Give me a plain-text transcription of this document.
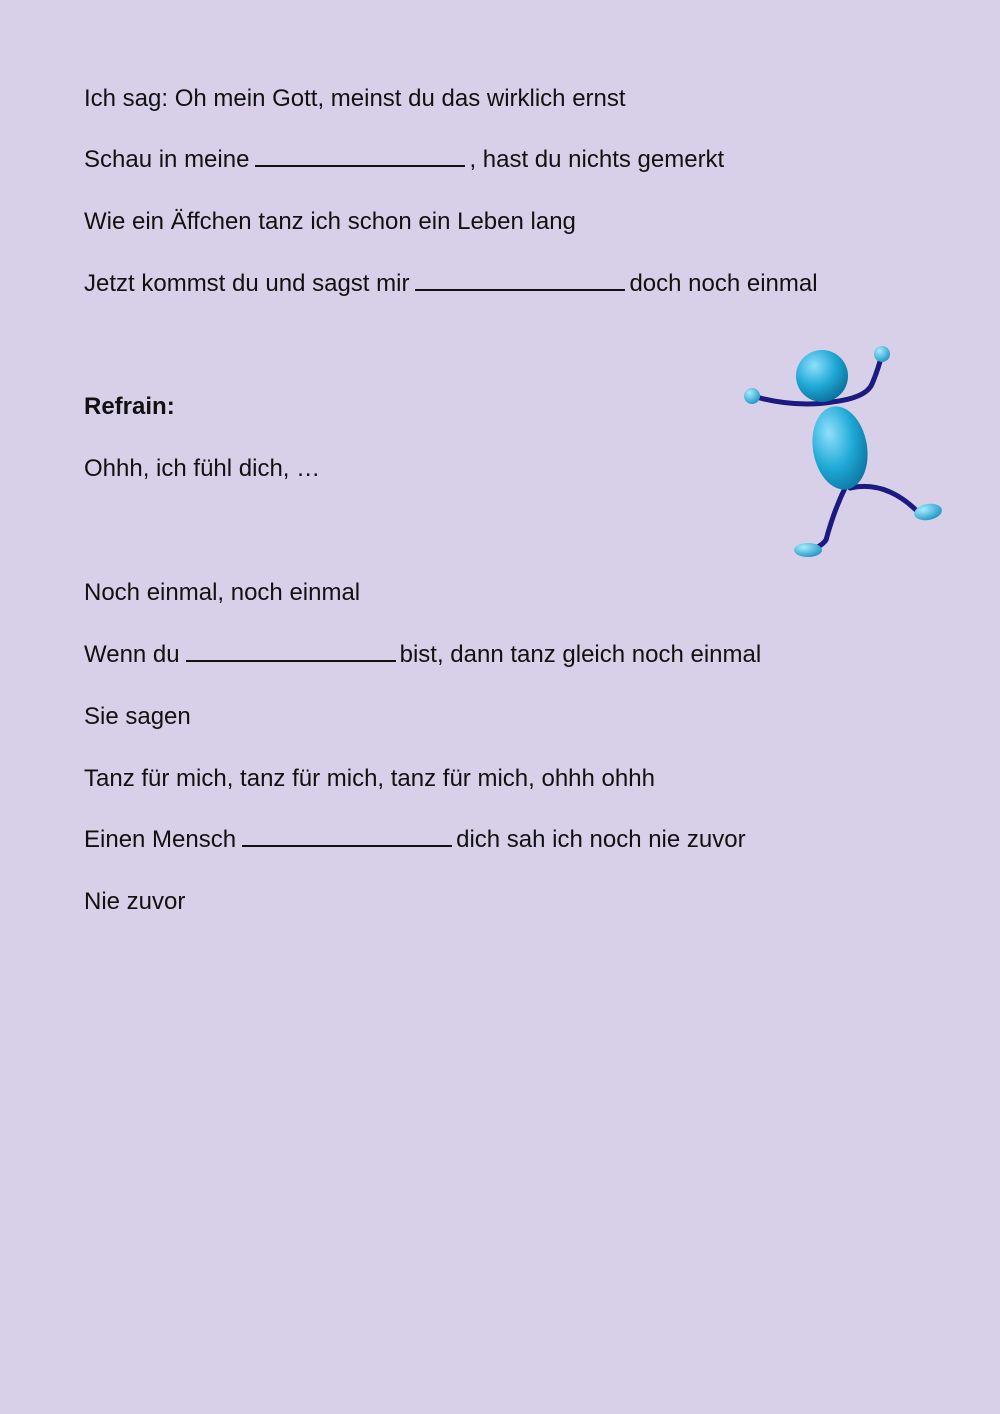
Ich sag: Oh mein Gott, meinst du das wirklich ernst

Schau in meine	, hast du nichts gemerkt

Wie ein Äffchen tanz ich schon ein Leben lang

Jetzt kommst du und sagst mir	doch noch einmal

Refrain:

Ohhh, ich fühl dich, …

Noch einmal, noch einmal

Wenn du	bist, dann tanz gleich noch einmal

Sie sagen

Tanz für mich, tanz für mich, tanz für mich, ohhh ohhh

Einen Mensch	dich sah ich noch nie zuvor

Nie zuvor
